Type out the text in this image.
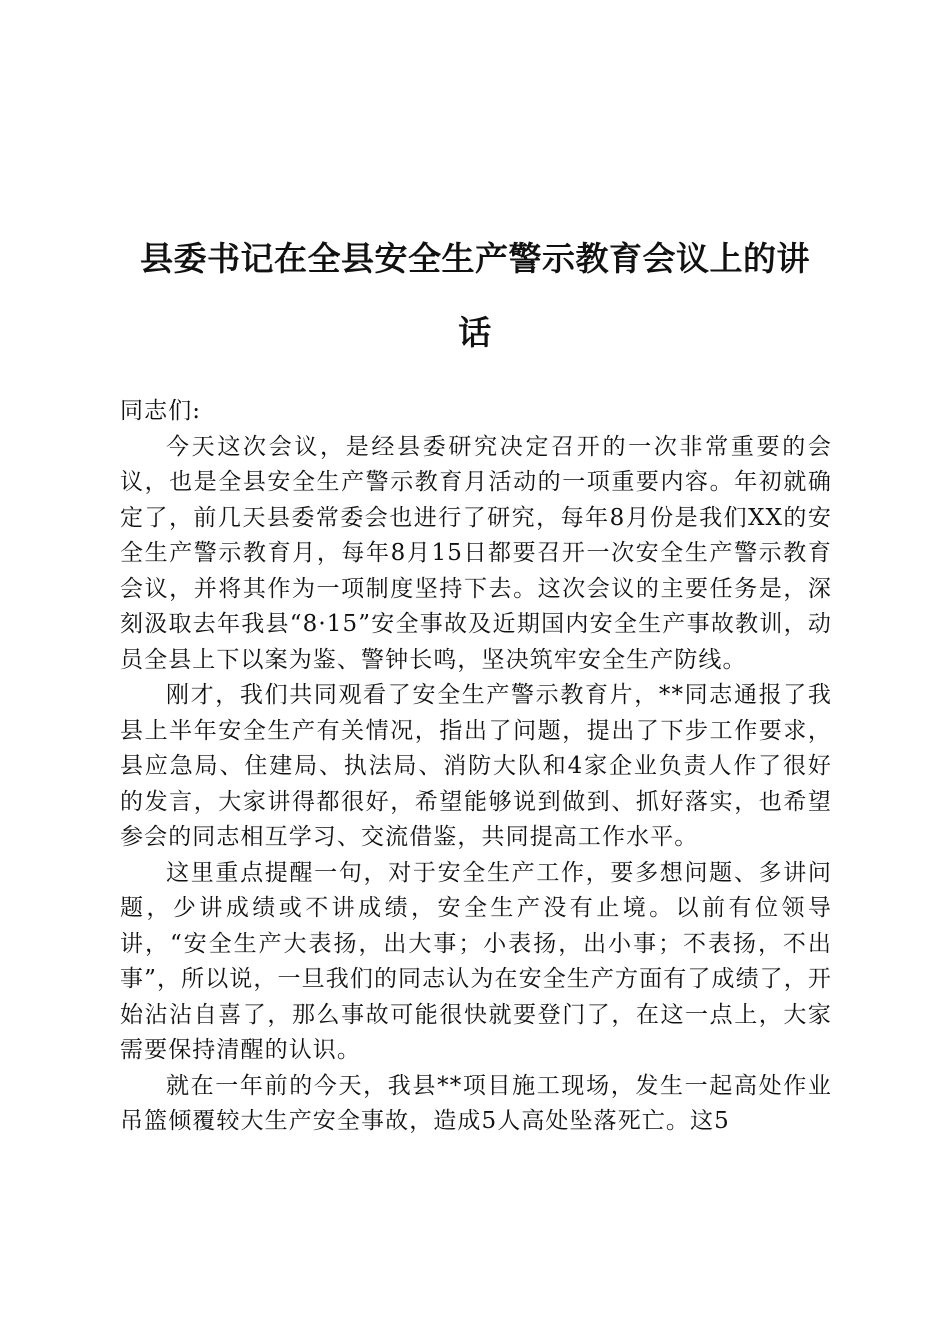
县委书记在全县安全生产警示教育会议上的讲
话

同志们:

今天这次会议，是经县委研究决定召开的一次非常重要的会议，也是全县安全生产警示教育月活动的一项重要内容。年初就确定了，前几天县委常委会也进行了研究，每年8月份是我们XX的安全生产警示教育月，每年8月15日都要召开一次安全生产警示教育会议，并将其作为一项制度坚持下去。这次会议的主要任务是，深刻汲取去年我县“8·15”安全事故及近期国内安全生产事故教训，动员全县上下以案为鉴、警钟长鸣，坚决筑牢安全生产防线。

刚才，我们共同观看了安全生产警示教育片，**同志通报了我县上半年安全生产有关情况，指出了问题，提出了下步工作要求，县应急局、住建局、执法局、消防大队和4家企业负责人作了很好的发言，大家讲得都很好，希望能够说到做到、抓好落实，也希望参会的同志相互学习、交流借鉴，共同提高工作水平。

这里重点提醒一句，对于安全生产工作，要多想问题、多讲问题，少讲成绩或不讲成绩，安全生产没有止境。以前有位领导讲，“安全生产大表扬，出大事；小表扬，出小事；不表扬，不出事”，所以说，一旦我们的同志认为在安全生产方面有了成绩了，开始沾沾自喜了，那么事故可能很快就要登门了，在这一点上，大家需要保持清醒的认识。

就在一年前的今天，我县**项目施工现场，发生一起高处作业吊篮倾覆较大生产安全事故，造成5人高处坠落死亡。这5
